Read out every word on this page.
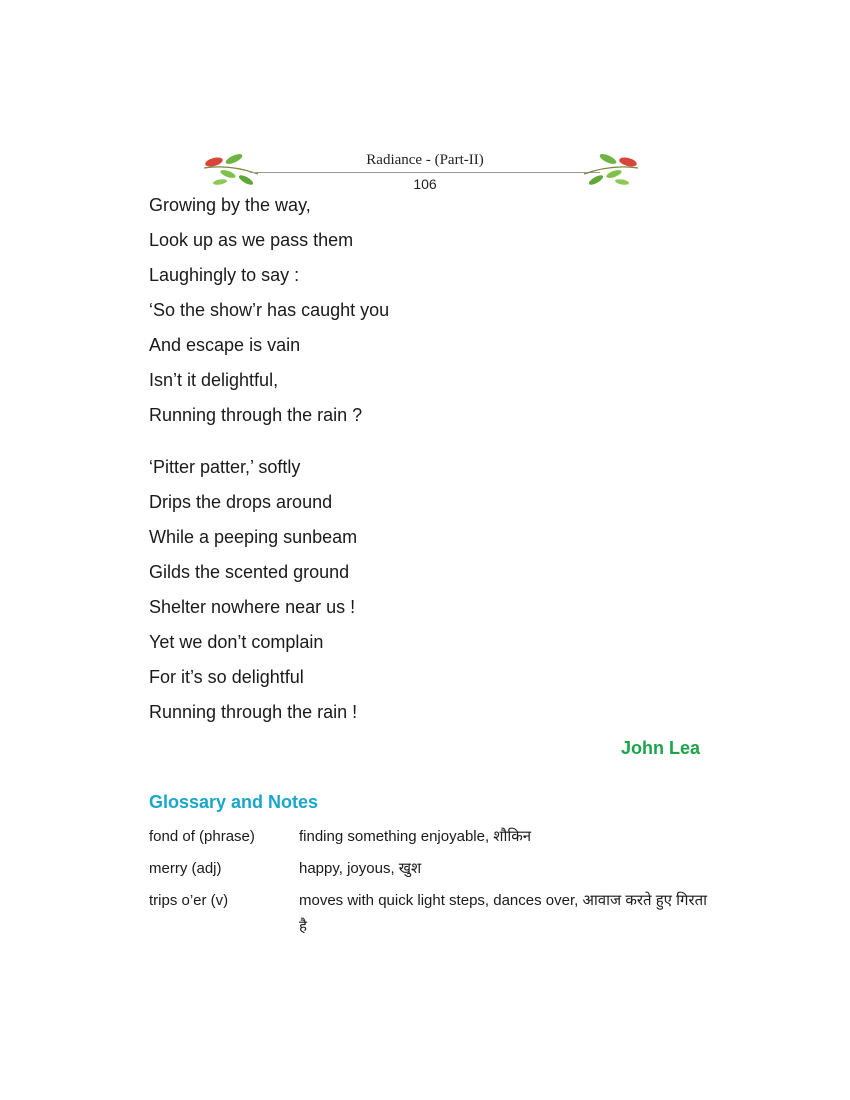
Radiance - (Part-II)
106
Growing by the way,
Look up as we pass them
Laughingly to say :
‘So the show’r has caught you
And escape is vain
Isn’t it delightful,
Running through the rain ?
‘Pitter patter,’ softly
Drips the drops around
While a peeping sunbeam
Gilds the scented ground
Shelter nowhere near us !
Yet we don’t complain
For it’s so delightful
Running through the rain !
John Lea
Glossary and Notes
fond of (phrase)	finding something enjoyable, शौकिन
merry (adj)	happy, joyous, खुश
trips o’er (v)	moves with quick light steps, dances over, आवाज करते हुए गिरता है
